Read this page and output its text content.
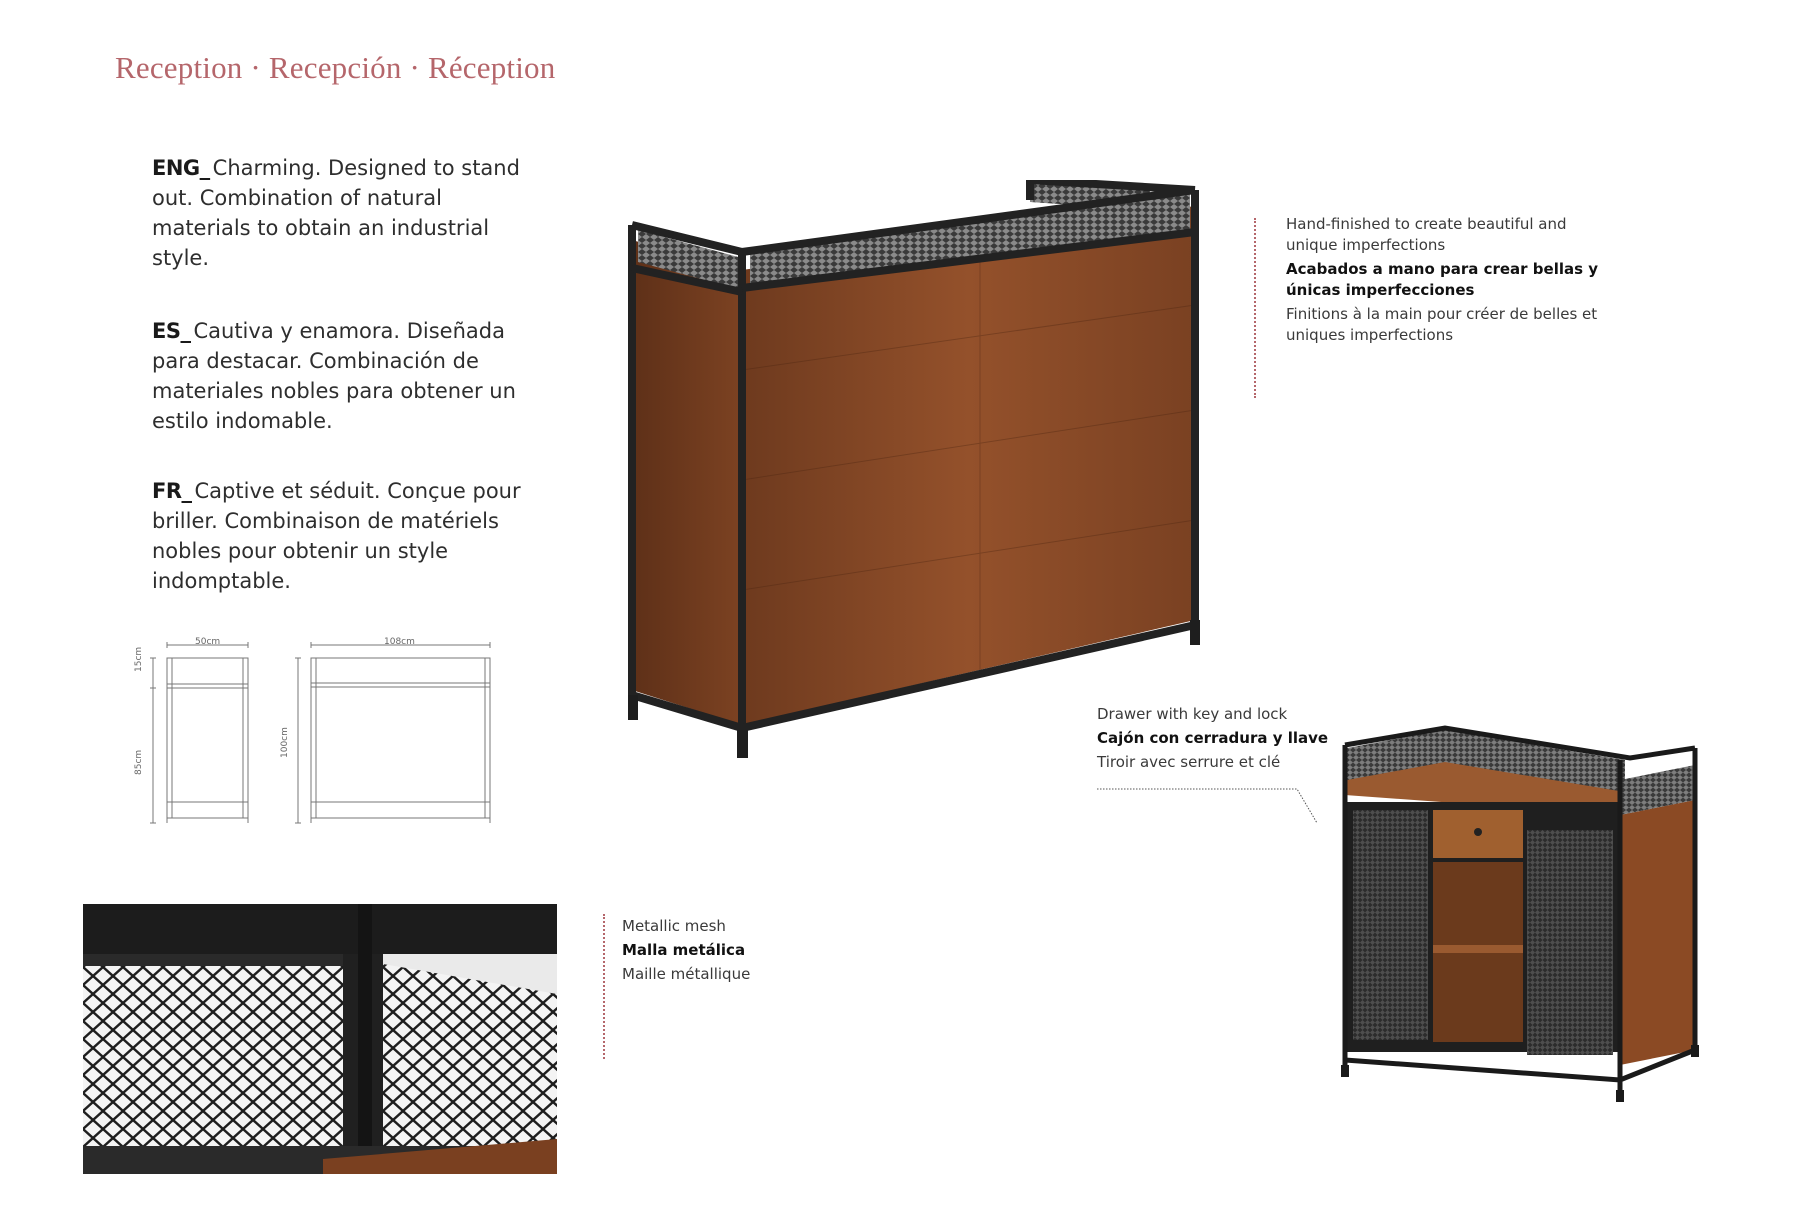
Reception · Recepción · Réception
ENG_ Charming. Designed to stand out. Combination of natural materials to obtain an industrial style.
ES_ Cautiva y enamora. Diseñada para destacar. Combinación de materiales nobles para obtener un estilo indomable.
FR_ Captive et séduit. Conçue pour briller. Combinaison de matériels nobles pour obtenir un style indomptable.
50cm	108cm
15cm
85cm
100cm
Hand-finished to create beautiful and unique imperfections
Acabados a mano para crear bellas y únicas imperfecciones
Finitions à la main pour créer de belles et uniques imperfections
Drawer with key and lock
Cajón con cerradura y llave
Tiroir avec serrure et clé
Metallic mesh
Malla metálica
Maille métallique
